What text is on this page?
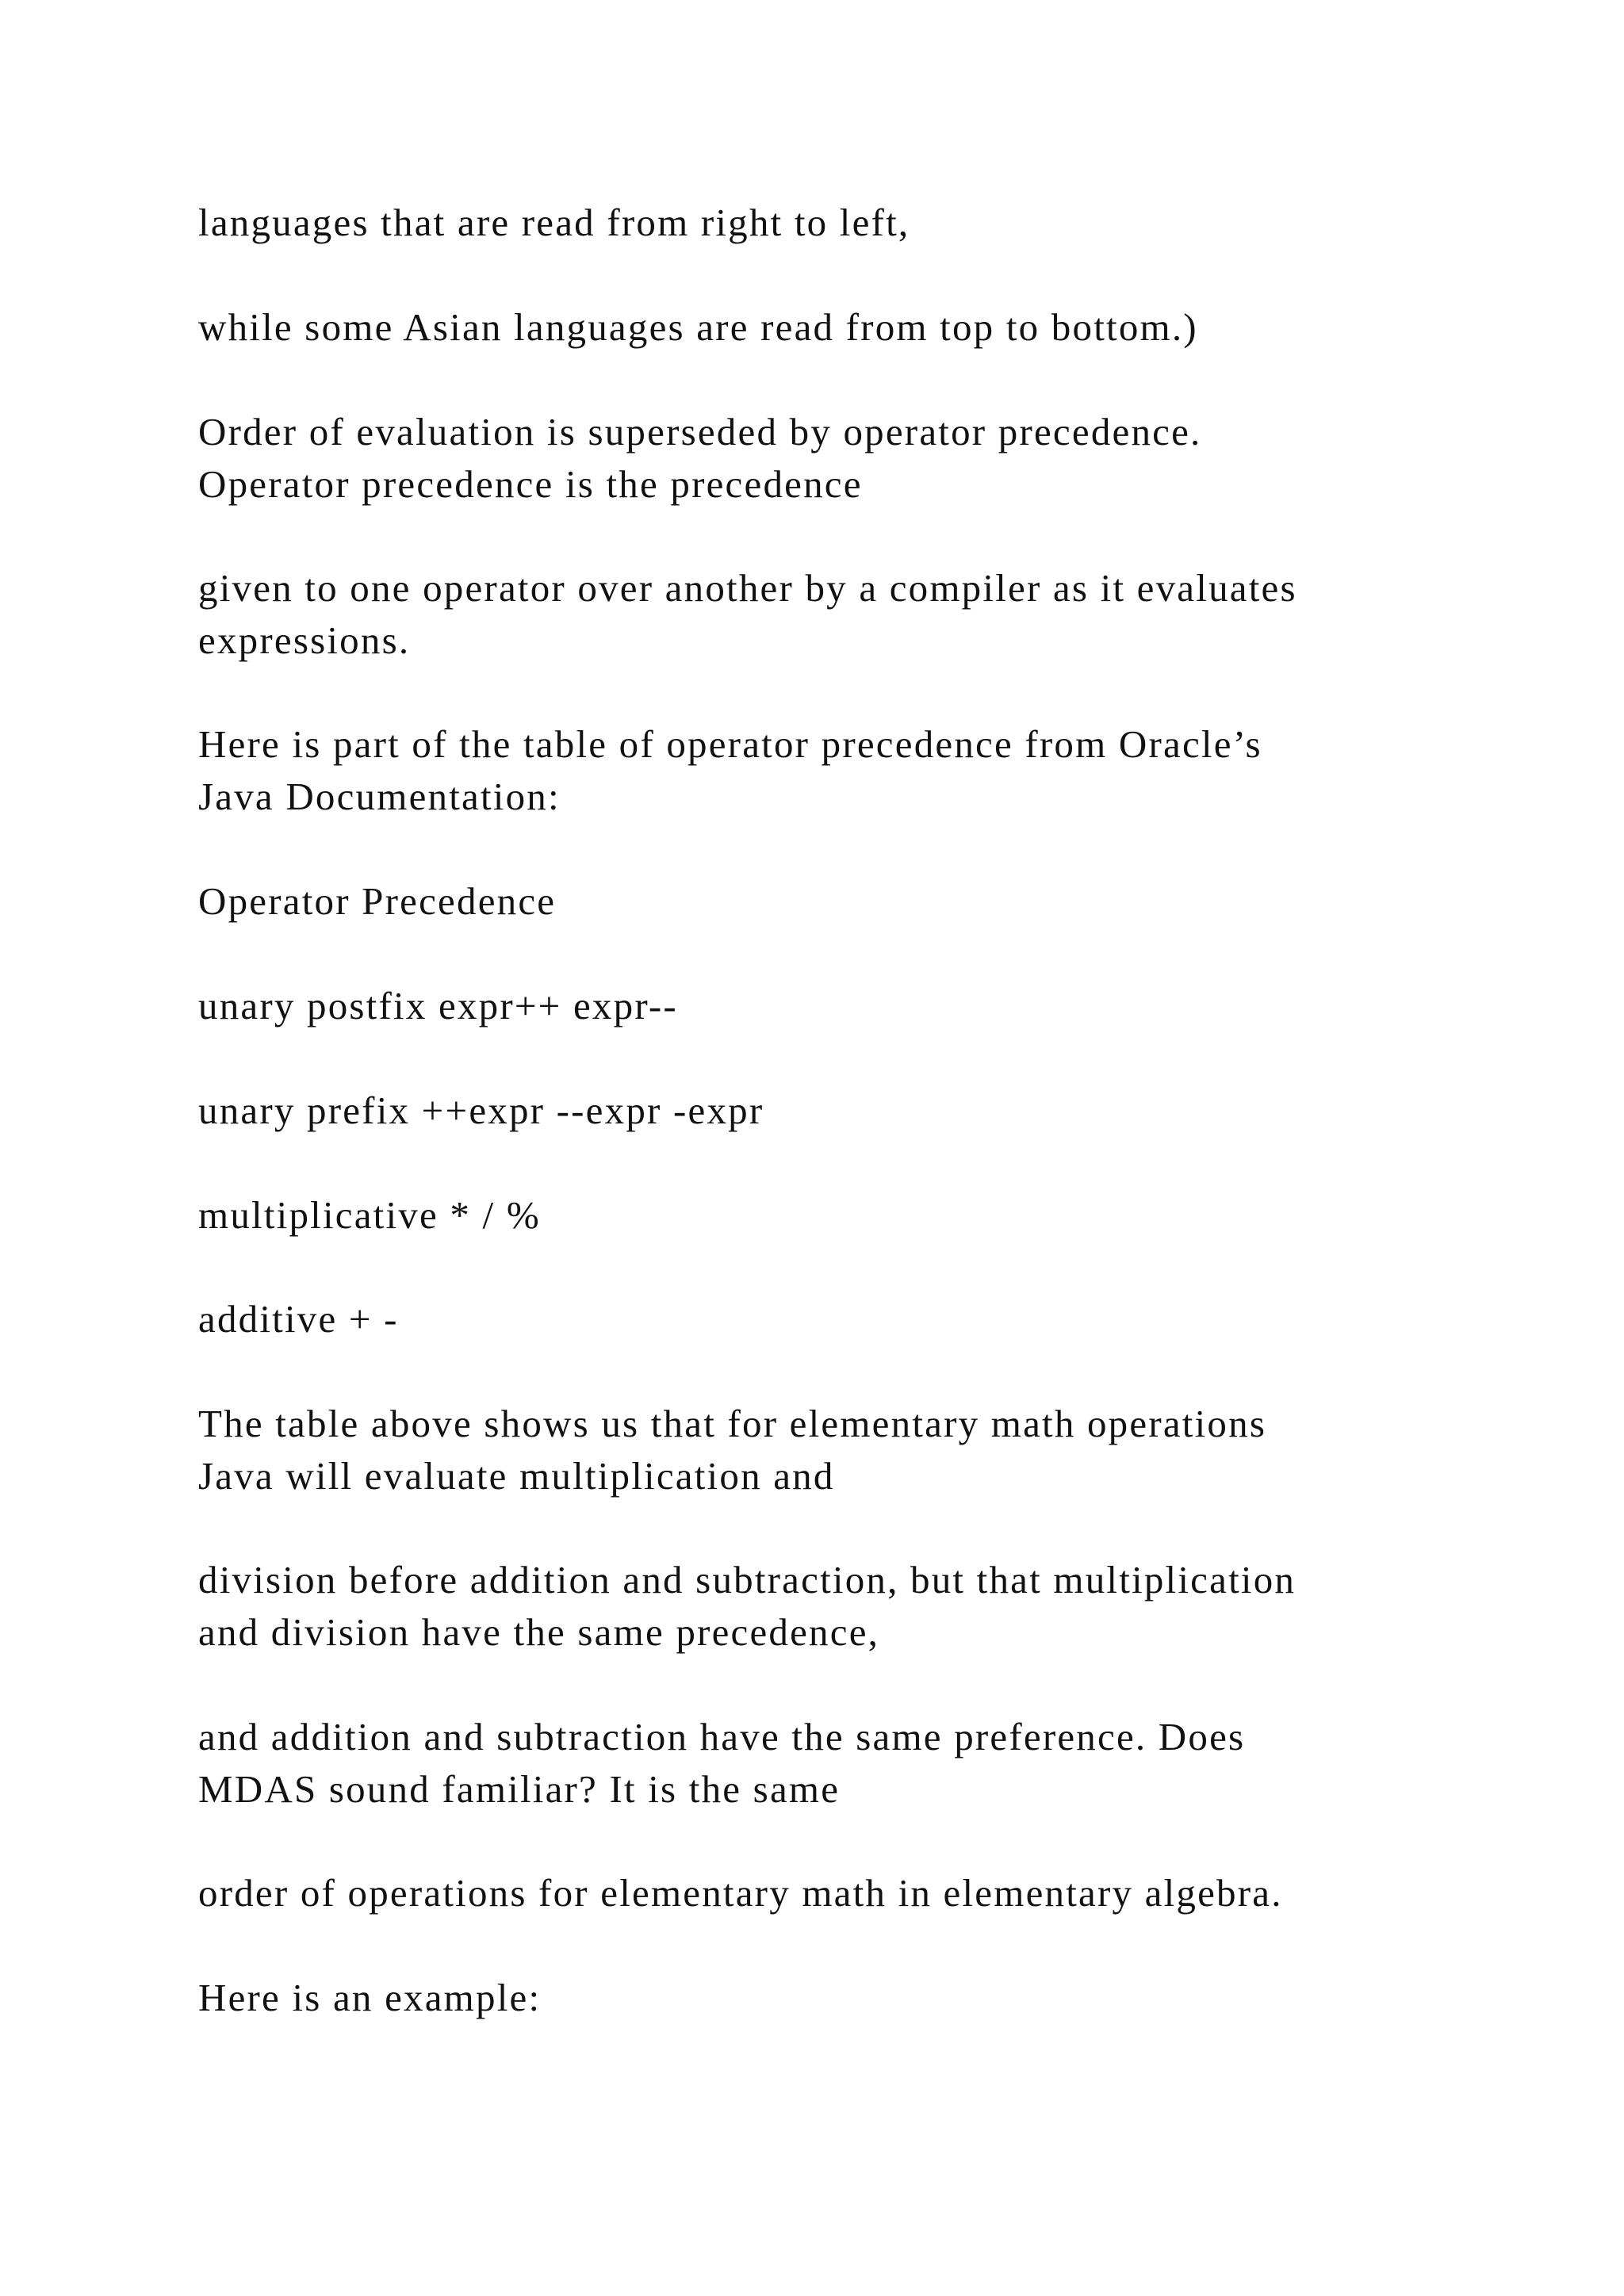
languages that are read from right to left,

while some Asian languages are read from top to bottom.)

Order of evaluation is superseded by operator precedence.
Operator precedence is the precedence

given to one operator over another by a compiler as it evaluates
expressions.

Here is part of the table of operator precedence from Oracle’s
Java Documentation:

Operator Precedence

unary postfix expr++ expr--

unary prefix ++expr --expr -expr

multiplicative * / %

additive + -

The table above shows us that for elementary math operations
Java will evaluate multiplication and

division before addition and subtraction, but that multiplication
and division have the same precedence,

and addition and subtraction have the same preference. Does
MDAS sound familiar? It is the same

order of operations for elementary math in elementary algebra.

Here is an example:
